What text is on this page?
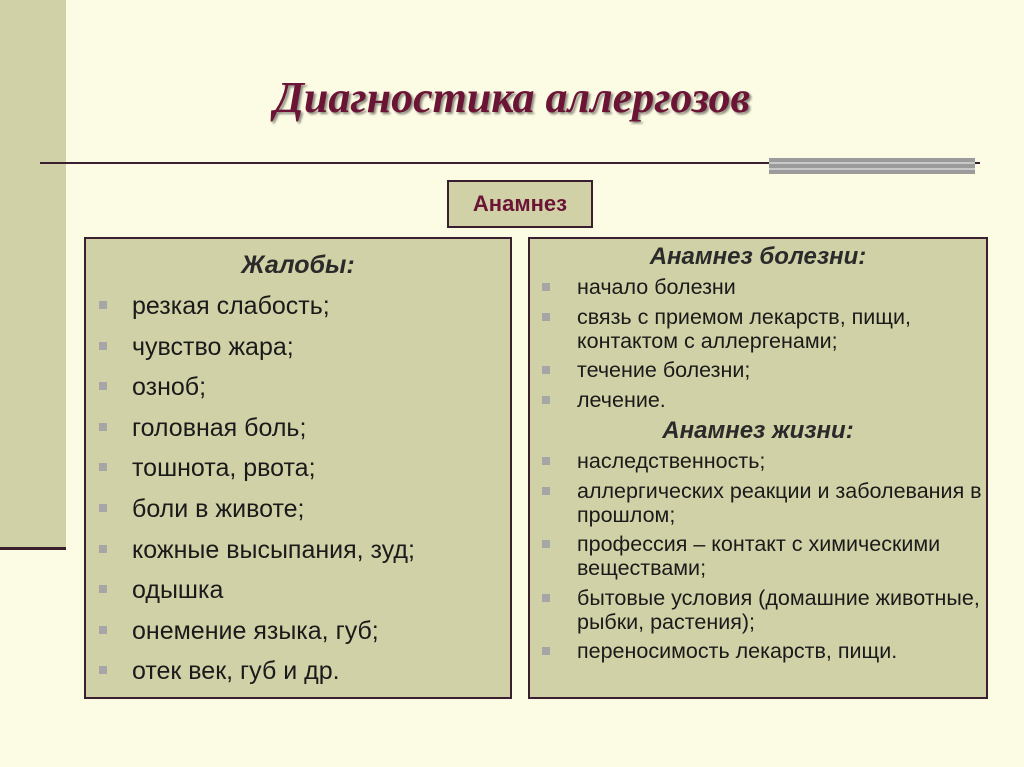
Диагностика аллергозов
Анамнез
Жалобы:
резкая слабость;
чувство жара;
озноб;
головная боль;
тошнота, рвота;
боли в животе;
кожные высыпания, зуд;
одышка
онемение языка, губ;
отек век, губ и др.
Анамнез болезни:
начало болезни
связь с приемом лекарств, пищи, контактом с аллергенами;
течение болезни;
лечение.
Анамнез жизни:
наследственность;
аллергических реакции и заболевания в прошлом;
профессия – контакт с химическими веществами;
бытовые условия (домашние животные, рыбки, растения);
переносимость лекарств, пищи.
